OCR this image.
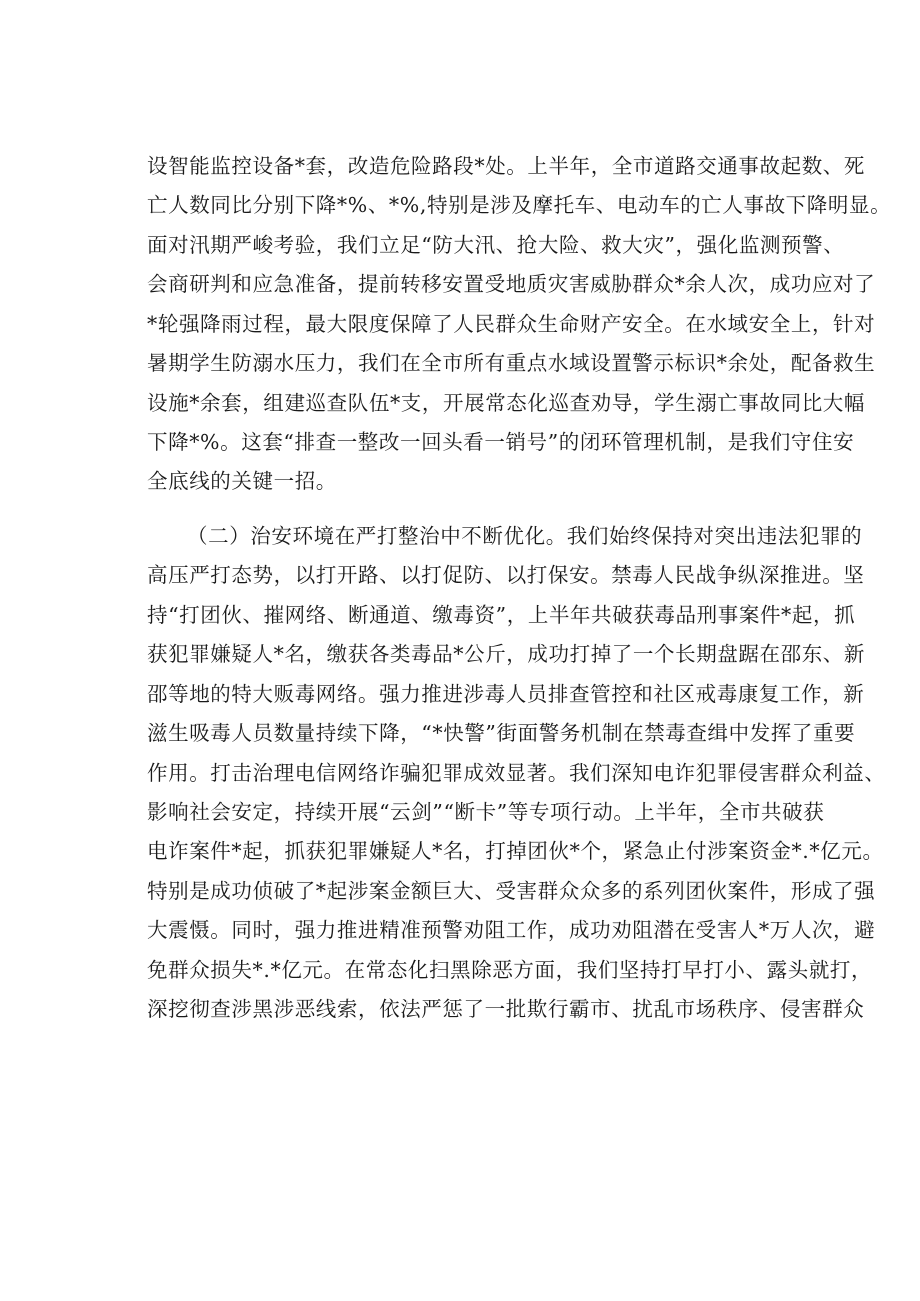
设智能监控设备*套，改造危险路段*处。上半年，全市道路交通事故起数、死
亡人数同比分别下降*%、*%,特别是涉及摩托车、电动车的亡人事故下降明显。
面对汛期严峻考验，我们立足“防大汛、抢大险、救大灾”，强化监测预警、
会商研判和应急准备，提前转移安置受地质灾害威胁群众*余人次，成功应对了
*轮强降雨过程，最大限度保障了人民群众生命财产安全。在水域安全上，针对
暑期学生防溺水压力，我们在全市所有重点水域设置警示标识*余处，配备救生
设施*余套，组建巡查队伍*支，开展常态化巡查劝导，学生溺亡事故同比大幅
下降*%。这套“排查一整改一回头看一销号”的闭环管理机制，是我们守住安
全底线的关键一招。
（二）治安环境在严打整治中不断优化。我们始终保持对突出违法犯罪的
高压严打态势，以打开路、以打促防、以打保安。禁毒人民战争纵深推进。坚
持“打团伙、摧网络、断通道、缴毒资”，上半年共破获毒品刑事案件*起，抓
获犯罪嫌疑人*名，缴获各类毒品*公斤，成功打掉了一个长期盘踞在邵东、新
邵等地的特大贩毒网络。强力推进涉毒人员排查管控和社区戒毒康复工作，新
滋生吸毒人员数量持续下降，“*快警”街面警务机制在禁毒查缉中发挥了重要
作用。打击治理电信网络诈骗犯罪成效显著。我们深知电诈犯罪侵害群众利益、
影响社会安定，持续开展“云剑”“断卡”等专项行动。上半年，全市共破获
电诈案件*起，抓获犯罪嫌疑人*名，打掉团伙*个，紧急止付涉案资金*.*亿元。
特别是成功侦破了*起涉案金额巨大、受害群众众多的系列团伙案件，形成了强
大震慑。同时，强力推进精准预警劝阻工作，成功劝阻潜在受害人*万人次，避
免群众损失*.*亿元。在常态化扫黑除恶方面，我们坚持打早打小、露头就打，
深挖彻查涉黑涉恶线索，依法严惩了一批欺行霸市、扰乱市场秩序、侵害群众
